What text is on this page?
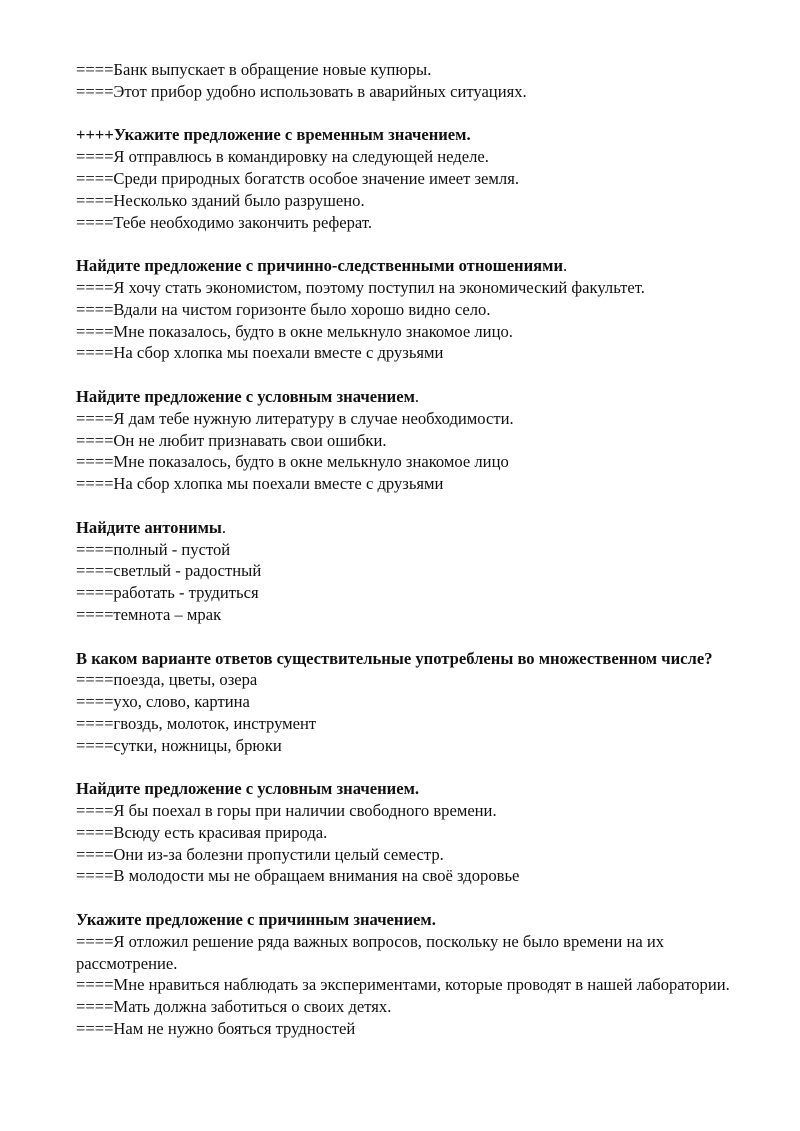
====Банк выпускает в обращение новые купюры.
====Этот прибор удобно использовать в аварийных ситуациях.
++++Укажите предложение с временным значением.
====Я отправлюсь в командировку на следующей неделе.
====Среди природных богатств особое значение имеет земля.
====Несколько зданий было разрушено.
====Тебе необходимо закончить реферат.
Найдите предложение с причинно-следственными отношениями.
====Я хочу стать экономистом, поэтому поступил на экономический факультет.
====Вдали на чистом горизонте было хорошо видно село.
====Мне показалось, будто в окне мелькнуло знакомое лицо.
====На сбор хлопка мы поехали вместе с друзьями
Найдите предложение с условным значением.
====Я дам тебе нужную литературу в случае необходимости.
====Он не любит признавать свои ошибки.
====Мне показалось, будто в окне мелькнуло знакомое лицо
====На сбор хлопка мы поехали вместе с друзьями
Найдите антонимы.
====полный - пустой
====светлый - радостный
====работать - трудиться
====темнота – мрак
В каком варианте ответов существительные употреблены во множественном числе?
====поезда, цветы, озера
====ухо, слово, картина
====гвоздь, молоток, инструмент
====сутки, ножницы, брюки
Найдите предложение с условным значением.
====Я бы поехал в горы при наличии свободного времени.
====Всюду есть красивая природа.
====Они из-за болезни пропустили целый семестр.
====В молодости мы не обращаем внимания на своё здоровье
Укажите предложение с причинным значением.
====Я отложил решение ряда важных вопросов, поскольку не было времени на их рассмотрение.
====Мне нравиться наблюдать за экспериментами, которые проводят в нашей лаборатории.
====Мать должна заботиться о своих детях.
====Нам не нужно бояться трудностей
